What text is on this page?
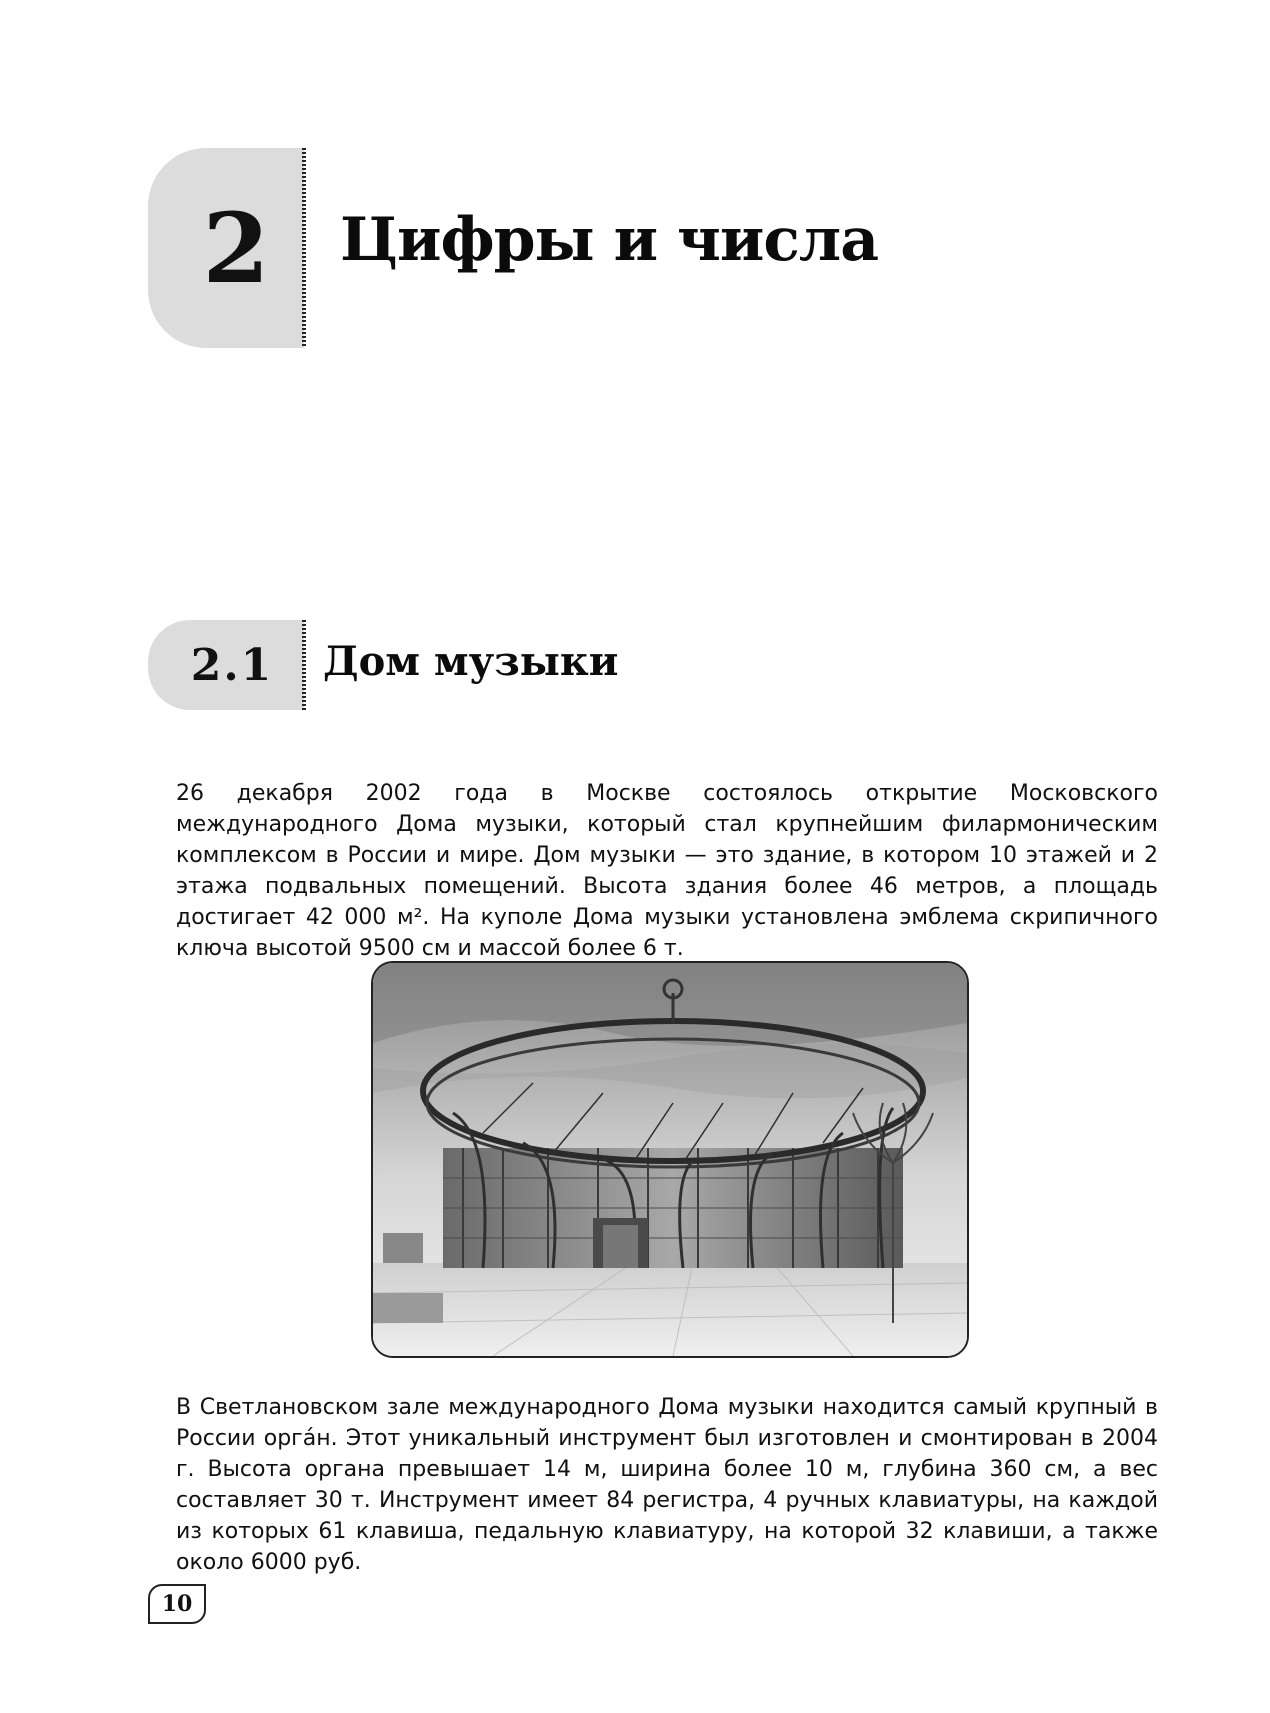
2 Цифры и числа
2.1 Дом музыки

26 декабря 2002 года в Москве состоялось открытие Московского международного Дома музыки, который стал крупнейшим филармоническим комплексом в России и мире. Дом музыки — это здание, в котором 10 этажей и 2 этажа подвальных помещений. Высота здания более 46 метров, а площадь достигает 42 000 м². На куполе Дома музыки установлена эмблема скрипичного ключа высотой 9500 см и массой более 6 т.

В Светлановском зале международного Дома музыки находится самый крупный в России орга́н. Этот уникальный инструмент был изготовлен и смонтирован в 2004 г. Высота органа превышает 14 м, ширина более 10 м, глубина 360 см, а вес составляет 30 т. Инструмент имеет 84 регистра, 4 ручных клавиатуры, на каждой из которых 61 клавиша, педальную клавиатуру, на которой 32 клавиши, а также около 6000 руб.

10
